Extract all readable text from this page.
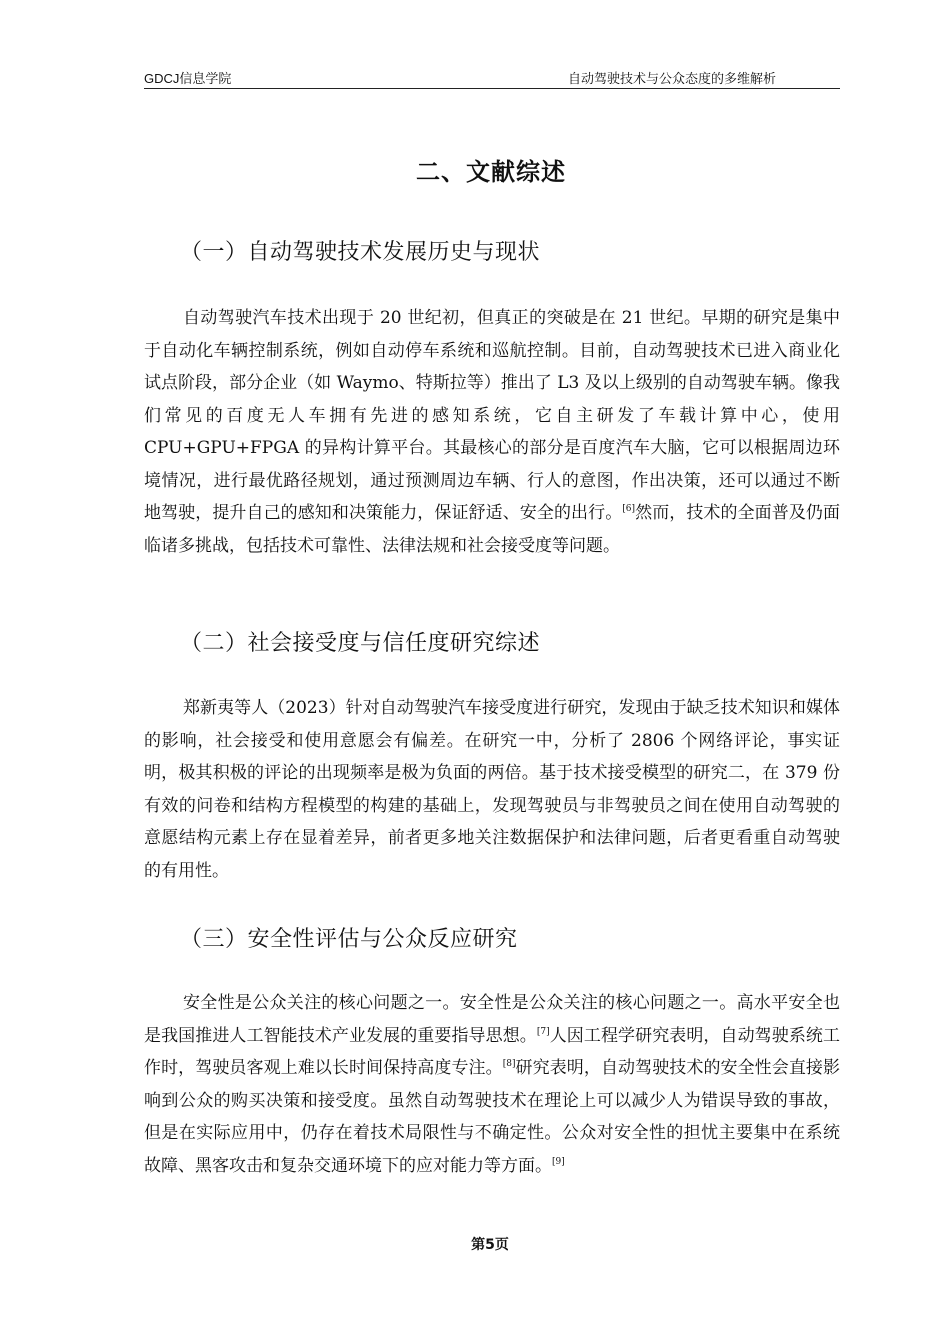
GDCJ信息学院	自动驾驶技术与公众态度的多维解析
二、文献综述
（一）自动驾驶技术发展历史与现状

自动驾驶汽车技术出现于 20 世纪初，但真正的突破是在 21 世纪。早期的研究是集中于自动化车辆控制系统，例如自动停车系统和巡航控制。目前，自动驾驶技术已进入商业化试点阶段，部分企业（如 Waymo、特斯拉等）推出了 L3 及以上级别的自动驾驶车辆。像我们常见的百度无人车拥有先进的感知系统，它自主研发了车载计算中心，使用 CPU+GPU+FPGA 的异构计算平台。其最核心的部分是百度汽车大脑，它可以根据周边环境情况，进行最优路径规划，通过预测周边车辆、行人的意图，作出决策，还可以通过不断地驾驶，提升自己的感知和决策能力，保证舒适、安全的出行。[6]然而，技术的全面普及仍面临诸多挑战，包括技术可靠性、法律法规和社会接受度等问题。

（二）社会接受度与信任度研究综述

郑新夷等人（2023）针对自动驾驶汽车接受度进行研究，发现由于缺乏技术知识和媒体的影响，社会接受和使用意愿会有偏差。在研究一中，分析了 2806 个网络评论，事实证明，极其积极的评论的出现频率是极为负面的两倍。基于技术接受模型的研究二，在 379 份有效的问卷和结构方程模型的构建的基础上，发现驾驶员与非驾驶员之间在使用自动驾驶的意愿结构元素上存在显着差异，前者更多地关注数据保护和法律问题，后者更看重自动驾驶的有用性。

（三）安全性评估与公众反应研究

安全性是公众关注的核心问题之一。安全性是公众关注的核心问题之一。高水平安全也是我国推进人工智能技术产业发展的重要指导思想。[7]人因工程学研究表明，自动驾驶系统工作时，驾驶员客观上难以长时间保持高度专注。[8]研究表明，自动驾驶技术的安全性会直接影响到公众的购买决策和接受度。虽然自动驾驶技术在理论上可以减少人为错误导致的事故，但是在实际应用中，仍存在着技术局限性与不确定性。公众对安全性的担忧主要集中在系统故障、黑客攻击和复杂交通环境下的应对能力等方面。[9]

第5页
